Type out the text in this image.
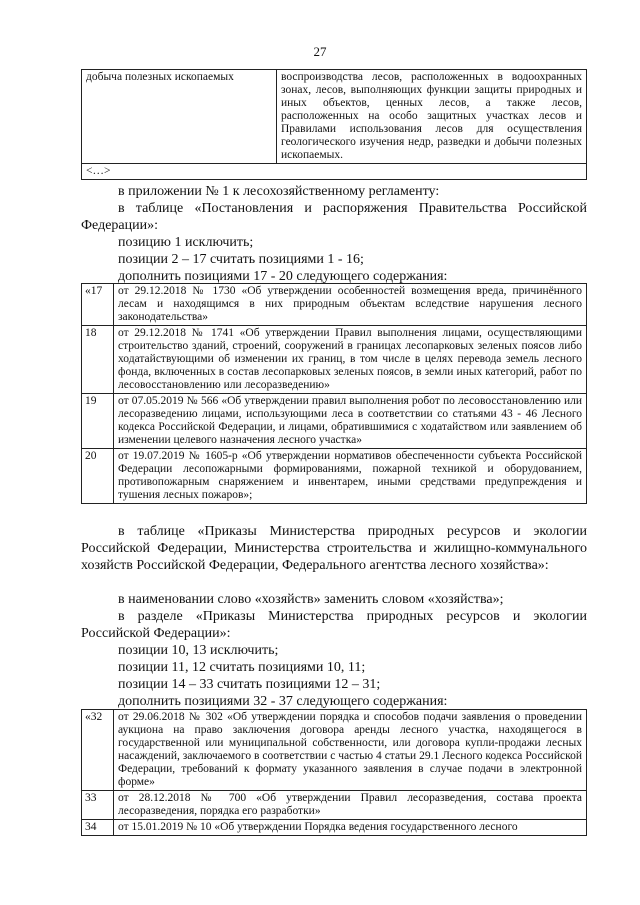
27
добыча полезных ископаемых	воспроизводства лесов, расположенных в водоохранных зонах, лесов, выполняющих функции защиты природных и иных объектов, ценных лесов, а также лесов, расположенных на особо защитных участках лесов и Правилами использования лесов для осуществления геологического изучения недр, разведки и добычи полезных ископаемых.
<…>
в приложении № 1 к лесохозяйственному регламенту:
в таблице «Постановления и распоряжения Правительства Российской Федерации»:
позицию 1 исключить;
позиции 2 – 17 считать позициями 1 - 16;
дополнить позициями 17 - 20 следующего содержания:
«17	от 29.12.2018 № 1730 «Об утверждении особенностей возмещения вреда, причинённого лесам и находящимся в них природным объектам вследствие нарушения лесного законодательства»
18	от 29.12.2018 № 1741 «Об утверждении Правил выполнения лицами, осуществляющими строительство зданий, строений, сооружений в границах лесопарковых зеленых поясов либо ходатайствующими об изменении их границ, в том числе в целях перевода земель лесного фонда, включенных в состав лесопарковых зеленых поясов, в земли иных категорий, работ по лесовосстановлению или лесоразведению»
19	от 07.05.2019 № 566 «Об утверждении правил выполнения робот по лесовосстановлению или лесоразведению лицами, использующими леса в соответствии со статьями 43 - 46 Лесного кодекса Российской Федерации, и лицами, обратившимися с ходатайством или заявлением об изменении целевого назначения лесного участка»
20	от 19.07.2019 № 1605-р «Об утверждении нормативов обеспеченности субъекта Российской Федерации лесопожарными формированиями, пожарной техникой и оборудованием, противопожарным снаряжением и инвентарем, иными средствами предупреждения и тушения лесных пожаров»;
в таблице «Приказы Министерства природных ресурсов и экологии Российской Федерации, Министерства строительства и жилищно-коммунального хозяйств Российской Федерации, Федерального агентства лесного хозяйства»:
в наименовании слово «хозяйств» заменить словом «хозяйства»;
в разделе «Приказы Министерства природных ресурсов и экологии Российской Федерации»:
позиции 10, 13 исключить;
позиции 11, 12 считать позициями 10, 11;
позиции 14 – 33 считать позициями 12 – 31;
дополнить позициями 32 - 37 следующего содержания:
«32	от 29.06.2018 № 302 «Об утверждении порядка и способов подачи заявления о проведении аукциона на право заключения договора аренды лесного участка, находящегося в государственной или муниципальной собственности, или договора купли-продажи лесных насаждений, заключаемого в соответствии с частью 4 статьи 29.1 Лесного кодекса Российской Федерации, требований к формату указанного заявления в случае подачи в электронной форме»
33	от 28.12.2018 № 700 «Об утверждении Правил лесоразведения, состава проекта лесоразведения, порядка его разработки»
34	от 15.01.2019 № 10 «Об утверждении Порядка ведения государственного лесного
